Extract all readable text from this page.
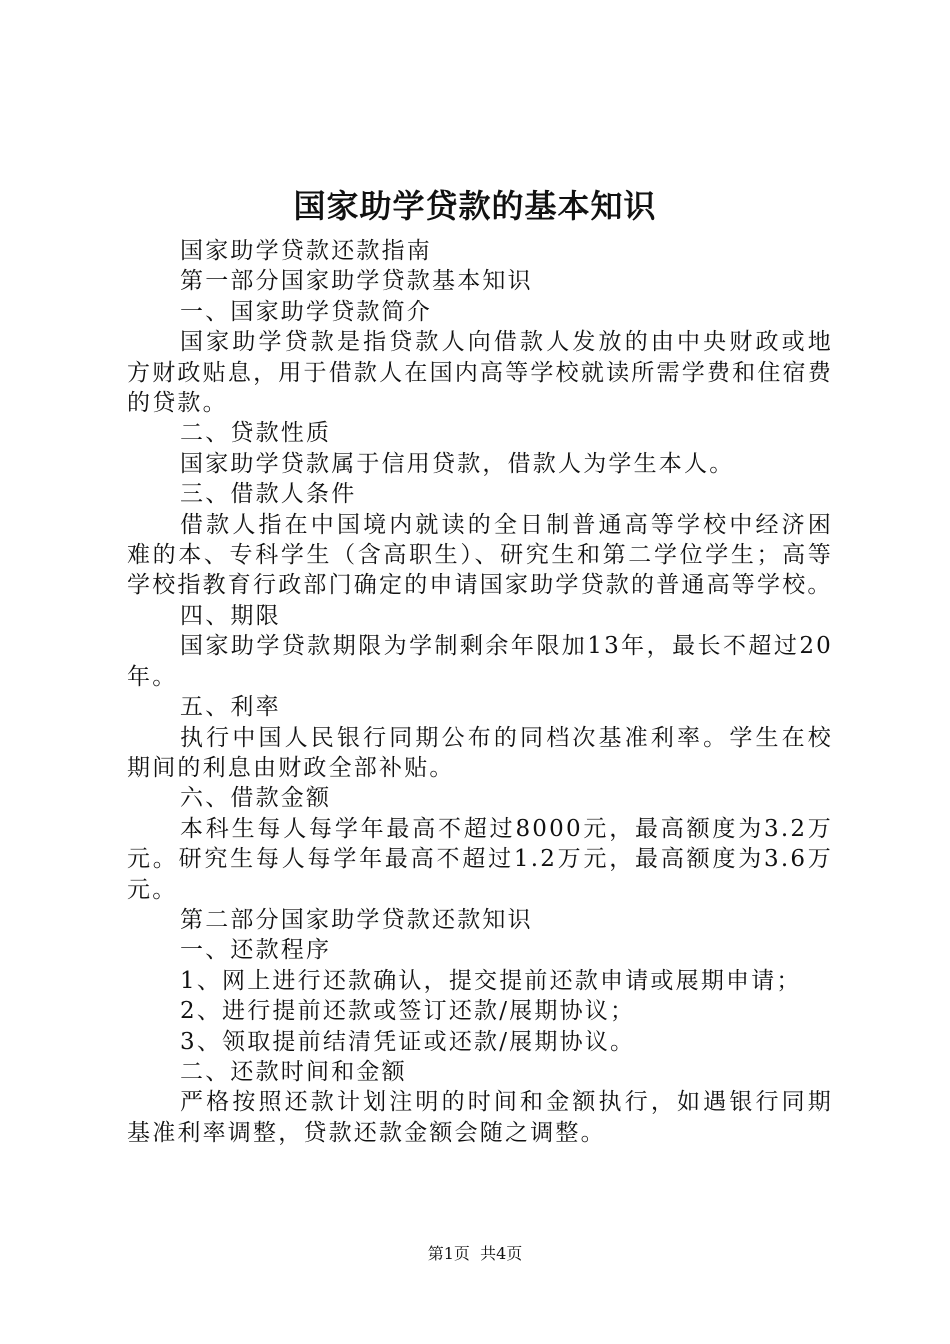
国家助学贷款的基本知识

国家助学贷款还款指南

第一部分国家助学贷款基本知识

一、国家助学贷款简介

国家助学贷款是指贷款人向借款人发放的由中央财政或地方财政贴息，用于借款人在国内高等学校就读所需学费和住宿费的贷款。

二、贷款性质

国家助学贷款属于信用贷款，借款人为学生本人。

三、借款人条件

借款人指在中国境内就读的全日制普通高等学校中经济困难的本、专科学生（含高职生）、研究生和第二学位学生；高等学校指教育行政部门确定的申请国家助学贷款的普通高等学校。

四、期限

国家助学贷款期限为学制剩余年限加13年，最长不超过20年。

五、利率

执行中国人民银行同期公布的同档次基准利率。学生在校期间的利息由财政全部补贴。

六、借款金额

本科生每人每学年最高不超过8000元，最高额度为3.2万元。研究生每人每学年最高不超过1.2万元，最高额度为3.6万元。

第二部分国家助学贷款还款知识

一、还款程序

1、网上进行还款确认，提交提前还款申请或展期申请；

2、进行提前还款或签订还款/展期协议；

3、领取提前结清凭证或还款/展期协议。

二、还款时间和金额

严格按照还款计划注明的时间和金额执行，如遇银行同期基准利率调整，贷款还款金额会随之调整。

第1页  共4页
